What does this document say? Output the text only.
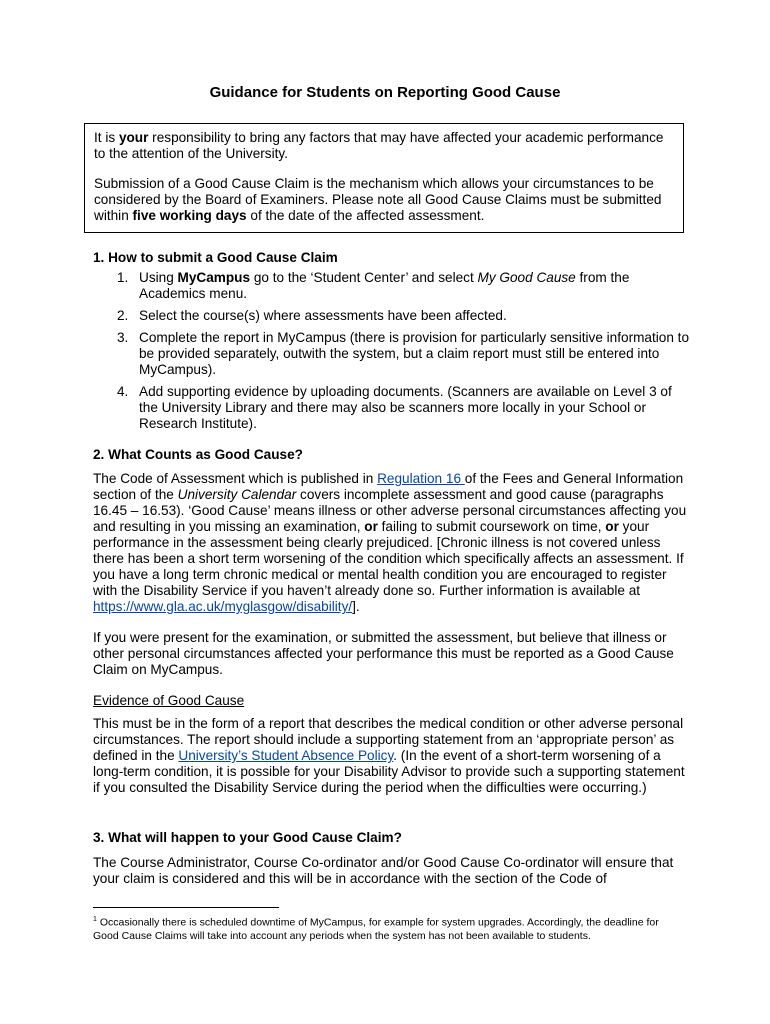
Guidance for Students on Reporting Good Cause

It is your responsibility to bring any factors that may have affected your academic performance to the attention of the University.

Submission of a Good Cause Claim is the mechanism which allows your circumstances to be considered by the Board of Examiners. Please note all Good Cause Claims must be submitted within five working days of the date of the affected assessment.

1. How to submit a Good Cause Claim

1. Using MyCampus go to the ‘Student Center’ and select My Good Cause from the Academics menu.
2. Select the course(s) where assessments have been affected.
3. Complete the report in MyCampus (there is provision for particularly sensitive information to be provided separately, outwith the system, but a claim report must still be entered into MyCampus).
4. Add supporting evidence by uploading documents. (Scanners are available on Level 3 of the University Library and there may also be scanners more locally in your School or Research Institute).

2. What Counts as Good Cause?

The Code of Assessment which is published in Regulation 16 of the Fees and General Information section of the University Calendar covers incomplete assessment and good cause (paragraphs 16.45 – 16.53). ‘Good Cause’ means illness or other adverse personal circumstances affecting you and resulting in you missing an examination, or failing to submit coursework on time, or your performance in the assessment being clearly prejudiced. [Chronic illness is not covered unless there has been a short term worsening of the condition which specifically affects an assessment. If you have a long term chronic medical or mental health condition you are encouraged to register with the Disability Service if you haven’t already done so. Further information is available at https://www.gla.ac.uk/myglasgow/disability/].

If you were present for the examination, or submitted the assessment, but believe that illness or other personal circumstances affected your performance this must be reported as a Good Cause Claim on MyCampus.

Evidence of Good Cause

This must be in the form of a report that describes the medical condition or other adverse personal circumstances. The report should include a supporting statement from an ‘appropriate person’ as defined in the University’s Student Absence Policy. (In the event of a short-term worsening of a long-term condition, it is possible for your Disability Advisor to provide such a supporting statement if you consulted the Disability Service during the period when the difficulties were occurring.)

3. What will happen to your Good Cause Claim?

The Course Administrator, Course Co-ordinator and/or Good Cause Co-ordinator will ensure that your claim is considered and this will be in accordance with the section of the Code of

$^1$ Occasionally there is scheduled downtime of MyCampus, for example for system upgrades. Accordingly, the deadline for Good Cause Claims will take into account any periods when the system has not been available to students.
